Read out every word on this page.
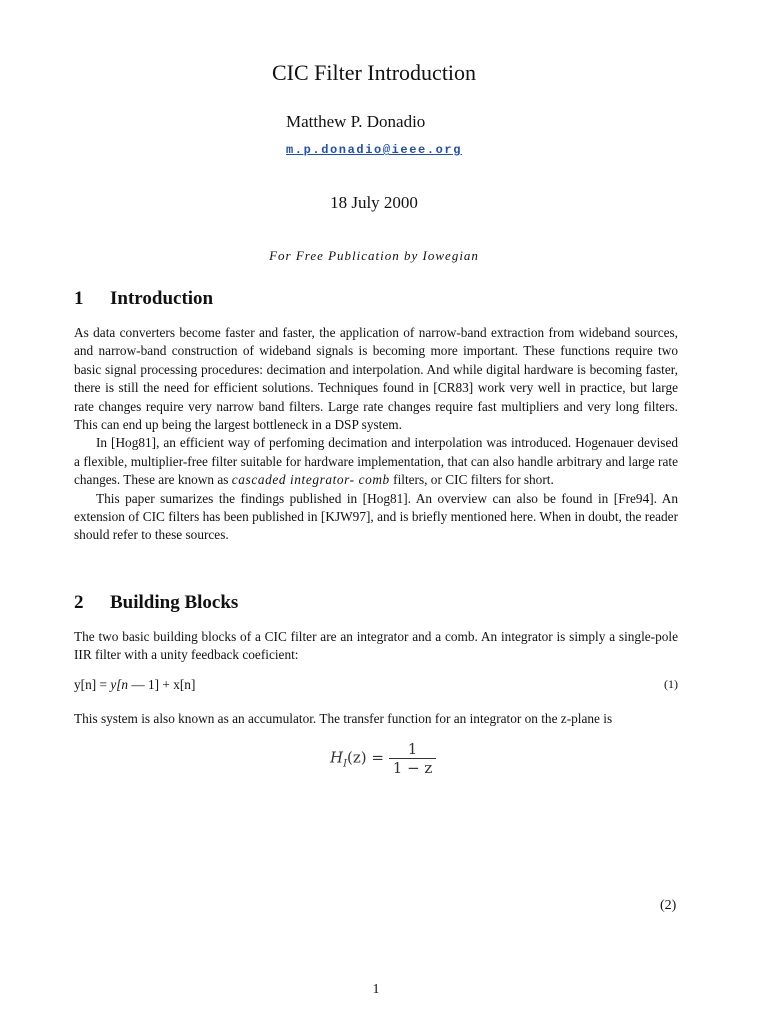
CIC Filter Introduction
Matthew P. Donadio
m.p.donadio@ieee.org
18 July 2000
For Free Publication by Iowegian
1 Introduction

As data converters become faster and faster, the application of narrow-band extraction from wideband sources, and narrow-band construction of wideband signals is becoming more important. These functions require two basic signal processing procedures: decimation and interpolation. And while digital hardware is becoming faster, there is still the need for efficient solutions. Techniques found in [CR83] work very well in practice, but large rate changes require very narrow band filters. Large rate changes require fast multipliers and very long filters. This can end up being the largest bottleneck in a DSP system.

In [Hog81], an efficient way of perfoming decimation and interpolation was introduced. Hogenauer devised a flexible, multiplier-free filter suitable for hardware implementation, that can also handle arbitrary and large rate changes. These are known as cascaded integrator- comb filters, or CIC filters for short.

This paper sumarizes the findings published in [Hog81]. An overview can also be found in [Fre94]. An extension of CIC filters has been published in [KJW97], and is briefly mentioned here. When in doubt, the reader should refer to these sources.

2 Building Blocks
The two basic building blocks of a CIC filter are an integrator and a comb. An integrator is simply a single-pole IIR filter with a unity feedback coeficient:
y[n] = y[n — 1] + x[n]	(1)
This system is also known as an accumulator. The transfer function for an integrator on the z-plane is
$H_I(z) = \frac{1}{1 - z}$
(2)
1
